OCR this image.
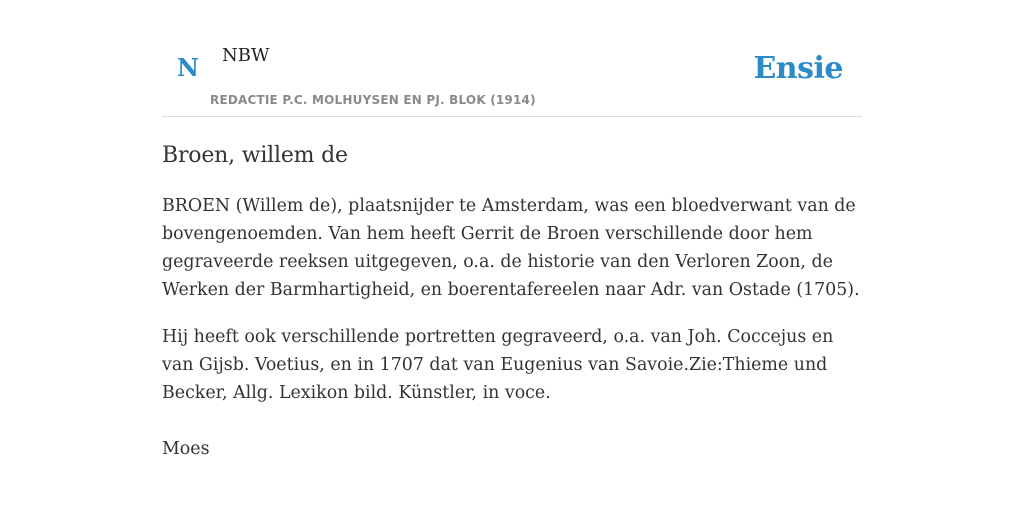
N NBW
REDACTIE P.C. MOLHUYSEN EN PJ. BLOK (1914)
Ensie
Broen, willem de

BROEN (Willem de), plaatsnijder te Amsterdam, was een bloedverwant van de bovengenoemden. Van hem heeft Gerrit de Broen verschillende door hem gegraveerde reeksen uitgegeven, o.a. de historie van den Verloren Zoon, de Werken der Barmhartigheid, en boerentafereelen naar Adr. van Ostade (1705).

Hij heeft ook verschillende portretten gegraveerd, o.a. van Joh. Coccejus en van Gijsb. Voetius, en in 1707 dat van Eugenius van Savoie.Zie:Thieme und Becker, Allg. Lexikon bild. Künstler, in voce.

Moes
